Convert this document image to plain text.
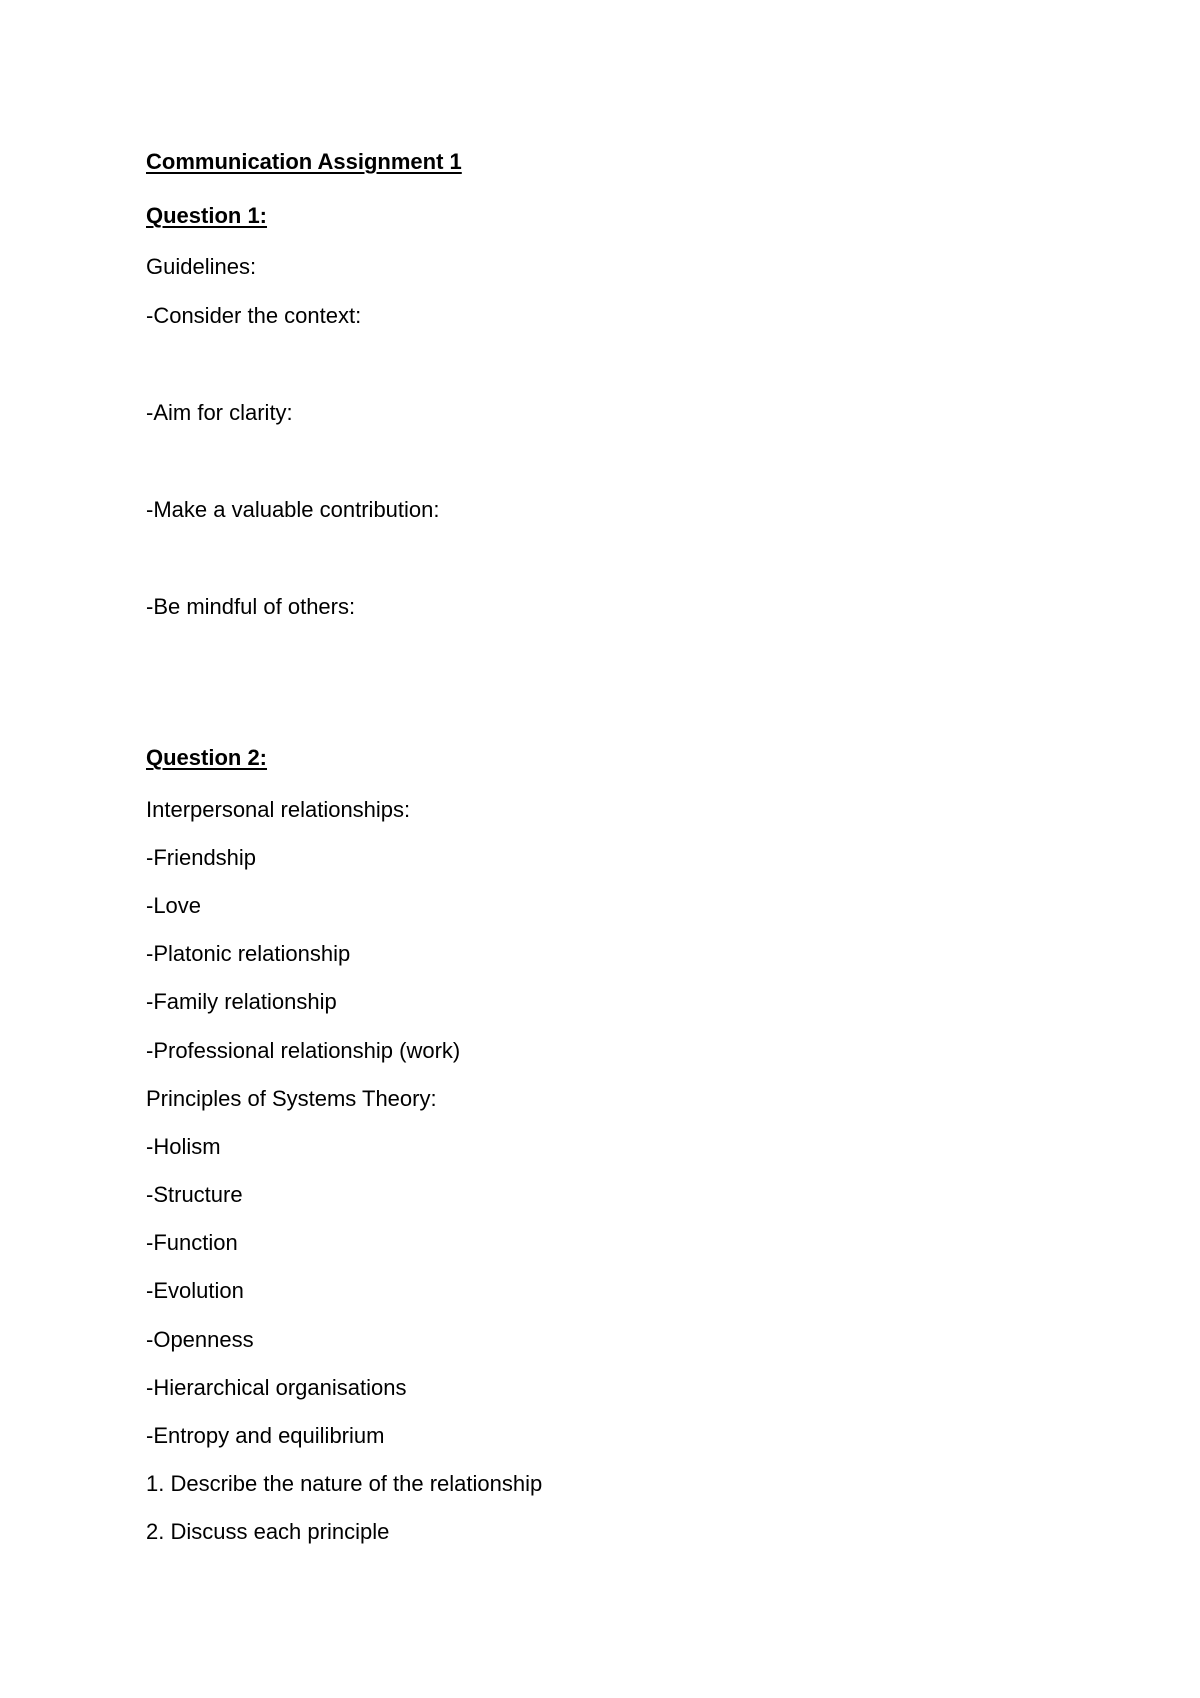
Communication Assignment 1
Question 1:
Guidelines:
-Consider the context:
-Aim for clarity:
-Make a valuable contribution:
-Be mindful of others:
Question 2:
Interpersonal relationships:
-Friendship
-Love
-Platonic relationship
-Family relationship
-Professional relationship (work)
Principles of Systems Theory:
-Holism
-Structure
-Function
-Evolution
-Openness
-Hierarchical organisations
-Entropy and equilibrium
1. Describe the nature of the relationship
2. Discuss each principle
